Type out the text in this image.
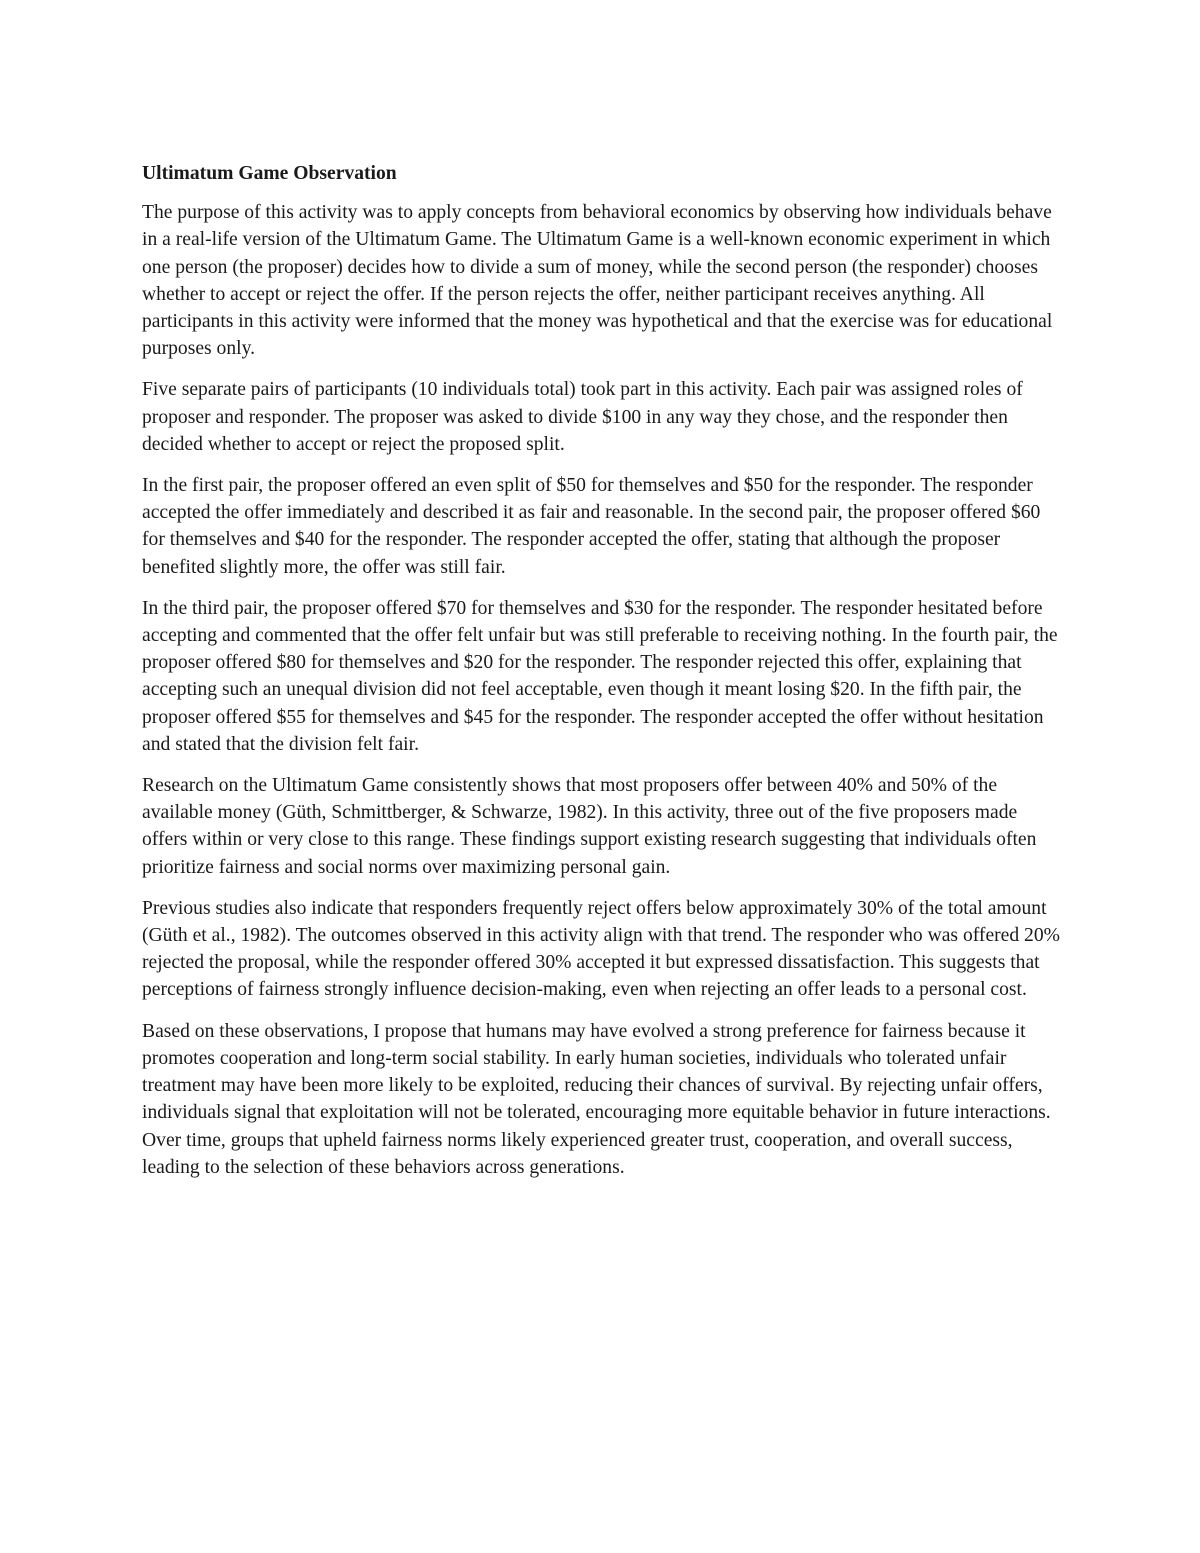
Ultimatum Game Observation

The purpose of this activity was to apply concepts from behavioral economics by observing how individuals behave in a real-life version of the Ultimatum Game. The Ultimatum Game is a well-known economic experiment in which one person (the proposer) decides how to divide a sum of money, while the second person (the responder) chooses whether to accept or reject the offer. If the person rejects the offer, neither participant receives anything. All participants in this activity were informed that the money was hypothetical and that the exercise was for educational purposes only.

Five separate pairs of participants (10 individuals total) took part in this activity. Each pair was assigned roles of proposer and responder. The proposer was asked to divide $100 in any way they chose, and the responder then decided whether to accept or reject the proposed split.

In the first pair, the proposer offered an even split of $50 for themselves and $50 for the responder. The responder accepted the offer immediately and described it as fair and reasonable. In the second pair, the proposer offered $60 for themselves and $40 for the responder. The responder accepted the offer, stating that although the proposer benefited slightly more, the offer was still fair.

In the third pair, the proposer offered $70 for themselves and $30 for the responder. The responder hesitated before accepting and commented that the offer felt unfair but was still preferable to receiving nothing. In the fourth pair, the proposer offered $80 for themselves and $20 for the responder. The responder rejected this offer, explaining that accepting such an unequal division did not feel acceptable, even though it meant losing $20. In the fifth pair, the proposer offered $55 for themselves and $45 for the responder. The responder accepted the offer without hesitation and stated that the division felt fair.

Research on the Ultimatum Game consistently shows that most proposers offer between 40% and 50% of the available money (Güth, Schmittberger, & Schwarze, 1982). In this activity, three out of the five proposers made offers within or very close to this range. These findings support existing research suggesting that individuals often prioritize fairness and social norms over maximizing personal gain.

Previous studies also indicate that responders frequently reject offers below approximately 30% of the total amount (Güth et al., 1982). The outcomes observed in this activity align with that trend. The responder who was offered 20% rejected the proposal, while the responder offered 30% accepted it but expressed dissatisfaction. This suggests that perceptions of fairness strongly influence decision-making, even when rejecting an offer leads to a personal cost.

Based on these observations, I propose that humans may have evolved a strong preference for fairness because it promotes cooperation and long-term social stability. In early human societies, individuals who tolerated unfair treatment may have been more likely to be exploited, reducing their chances of survival. By rejecting unfair offers, individuals signal that exploitation will not be tolerated, encouraging more equitable behavior in future interactions. Over time, groups that upheld fairness norms likely experienced greater trust, cooperation, and overall success, leading to the selection of these behaviors across generations.
